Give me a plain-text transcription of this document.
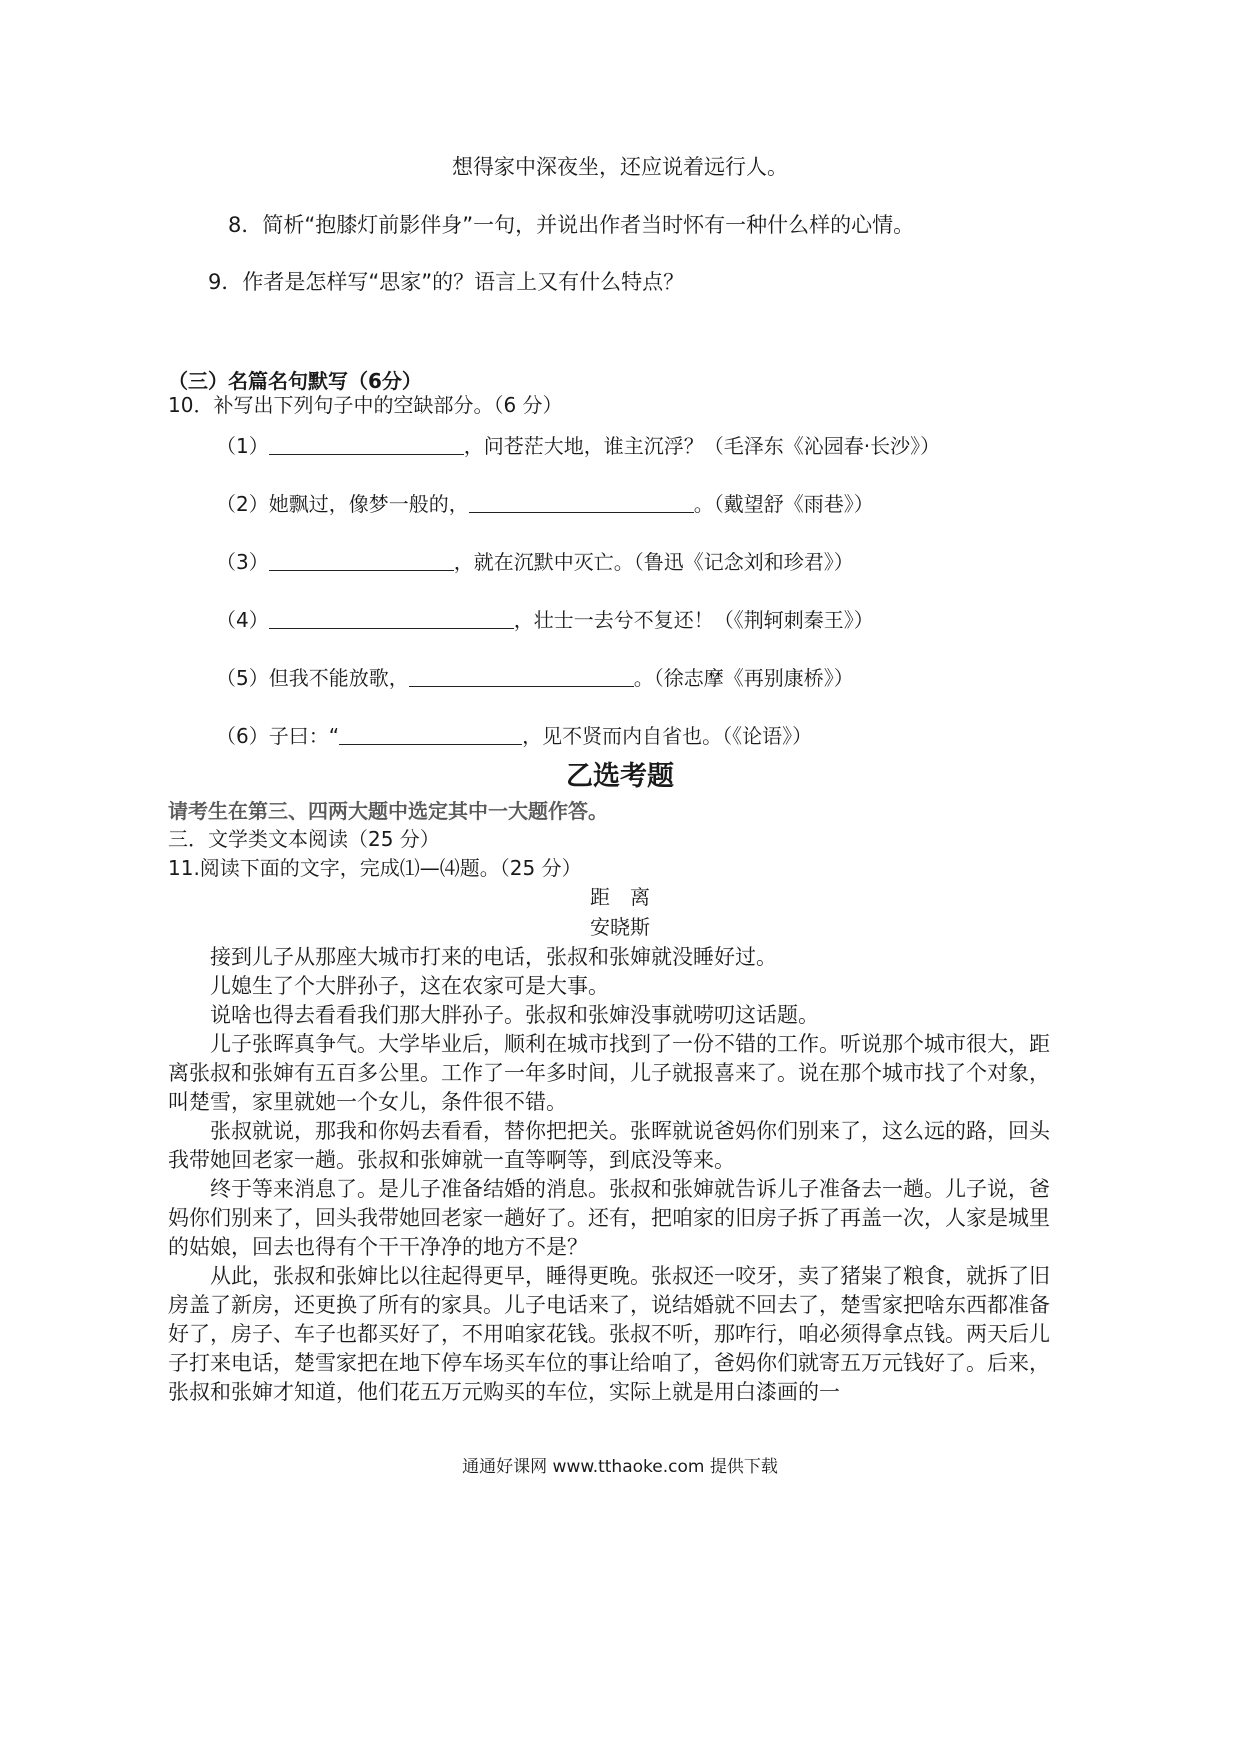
想得家中深夜坐，还应说着远行人。
8．简析“抱膝灯前影伴身”一句，并说出作者当时怀有一种什么样的心情。
9．作者是怎样写“思家”的？语言上又有什么特点？
（三）名篇名句默写（6分）
10．补写出下列句子中的空缺部分。（6 分）
（1）	，问苍茫大地，谁主沉浮？（毛泽东《沁园春·长沙》）
（2）她飘过，像梦一般的，	。（戴望舒《雨巷》）
（3）	，就在沉默中灭亡。（鲁迅《记念刘和珍君》）
（4）	，壮士一去兮不复还！（《荆轲刺秦王》）
（5）但我不能放歌，	。（徐志摩《再别康桥》）
（6）子曰：“	，见不贤而内自省也。（《论语》）
乙选考题
请考生在第三、四两大题中选定其中一大题作答。
三．文学类文本阅读（25 分）
11.阅读下面的文字，完成⑴—⑷题。（25 分）
距　离
安晓斯

接到儿子从那座大城市打来的电话，张叔和张婶就没睡好过。

儿媳生了个大胖孙子，这在农家可是大事。

说啥也得去看看我们那大胖孙子。张叔和张婶没事就唠叨这话题。

儿子张晖真争气。大学毕业后，顺利在城市找到了一份不错的工作。听说那个城市很大，距离张叔和张婶有五百多公里。工作了一年多时间，儿子就报喜来了。说在那个城市找了个对象，叫楚雪，家里就她一个女儿，条件很不错。

张叔就说，那我和你妈去看看，替你把把关。张晖就说爸妈你们别来了，这么远的路，回头我带她回老家一趟。张叔和张婶就一直等啊等，到底没等来。

终于等来消息了。是儿子准备结婚的消息。张叔和张婶就告诉儿子准备去一趟。儿子说，爸妈你们别来了，回头我带她回老家一趟好了。还有，把咱家的旧房子拆了再盖一次，人家是城里的姑娘，回去也得有个干干净净的地方不是？

从此，张叔和张婶比以往起得更早，睡得更晚。张叔还一咬牙，卖了猪粜了粮食，就拆了旧房盖了新房，还更换了所有的家具。儿子电话来了，说结婚就不回去了，楚雪家把啥东西都准备好了，房子、车子也都买好了，不用咱家花钱。张叔不听，那咋行，咱必须得拿点钱。两天后儿子打来电话，楚雪家把在地下停车场买车位的事让给咱了，爸妈你们就寄五万元钱好了。后来，张叔和张婶才知道，他们花五万元购买的车位，实际上就是用白漆画的一

通通好课网 www.tthaoke.com 提供下载
